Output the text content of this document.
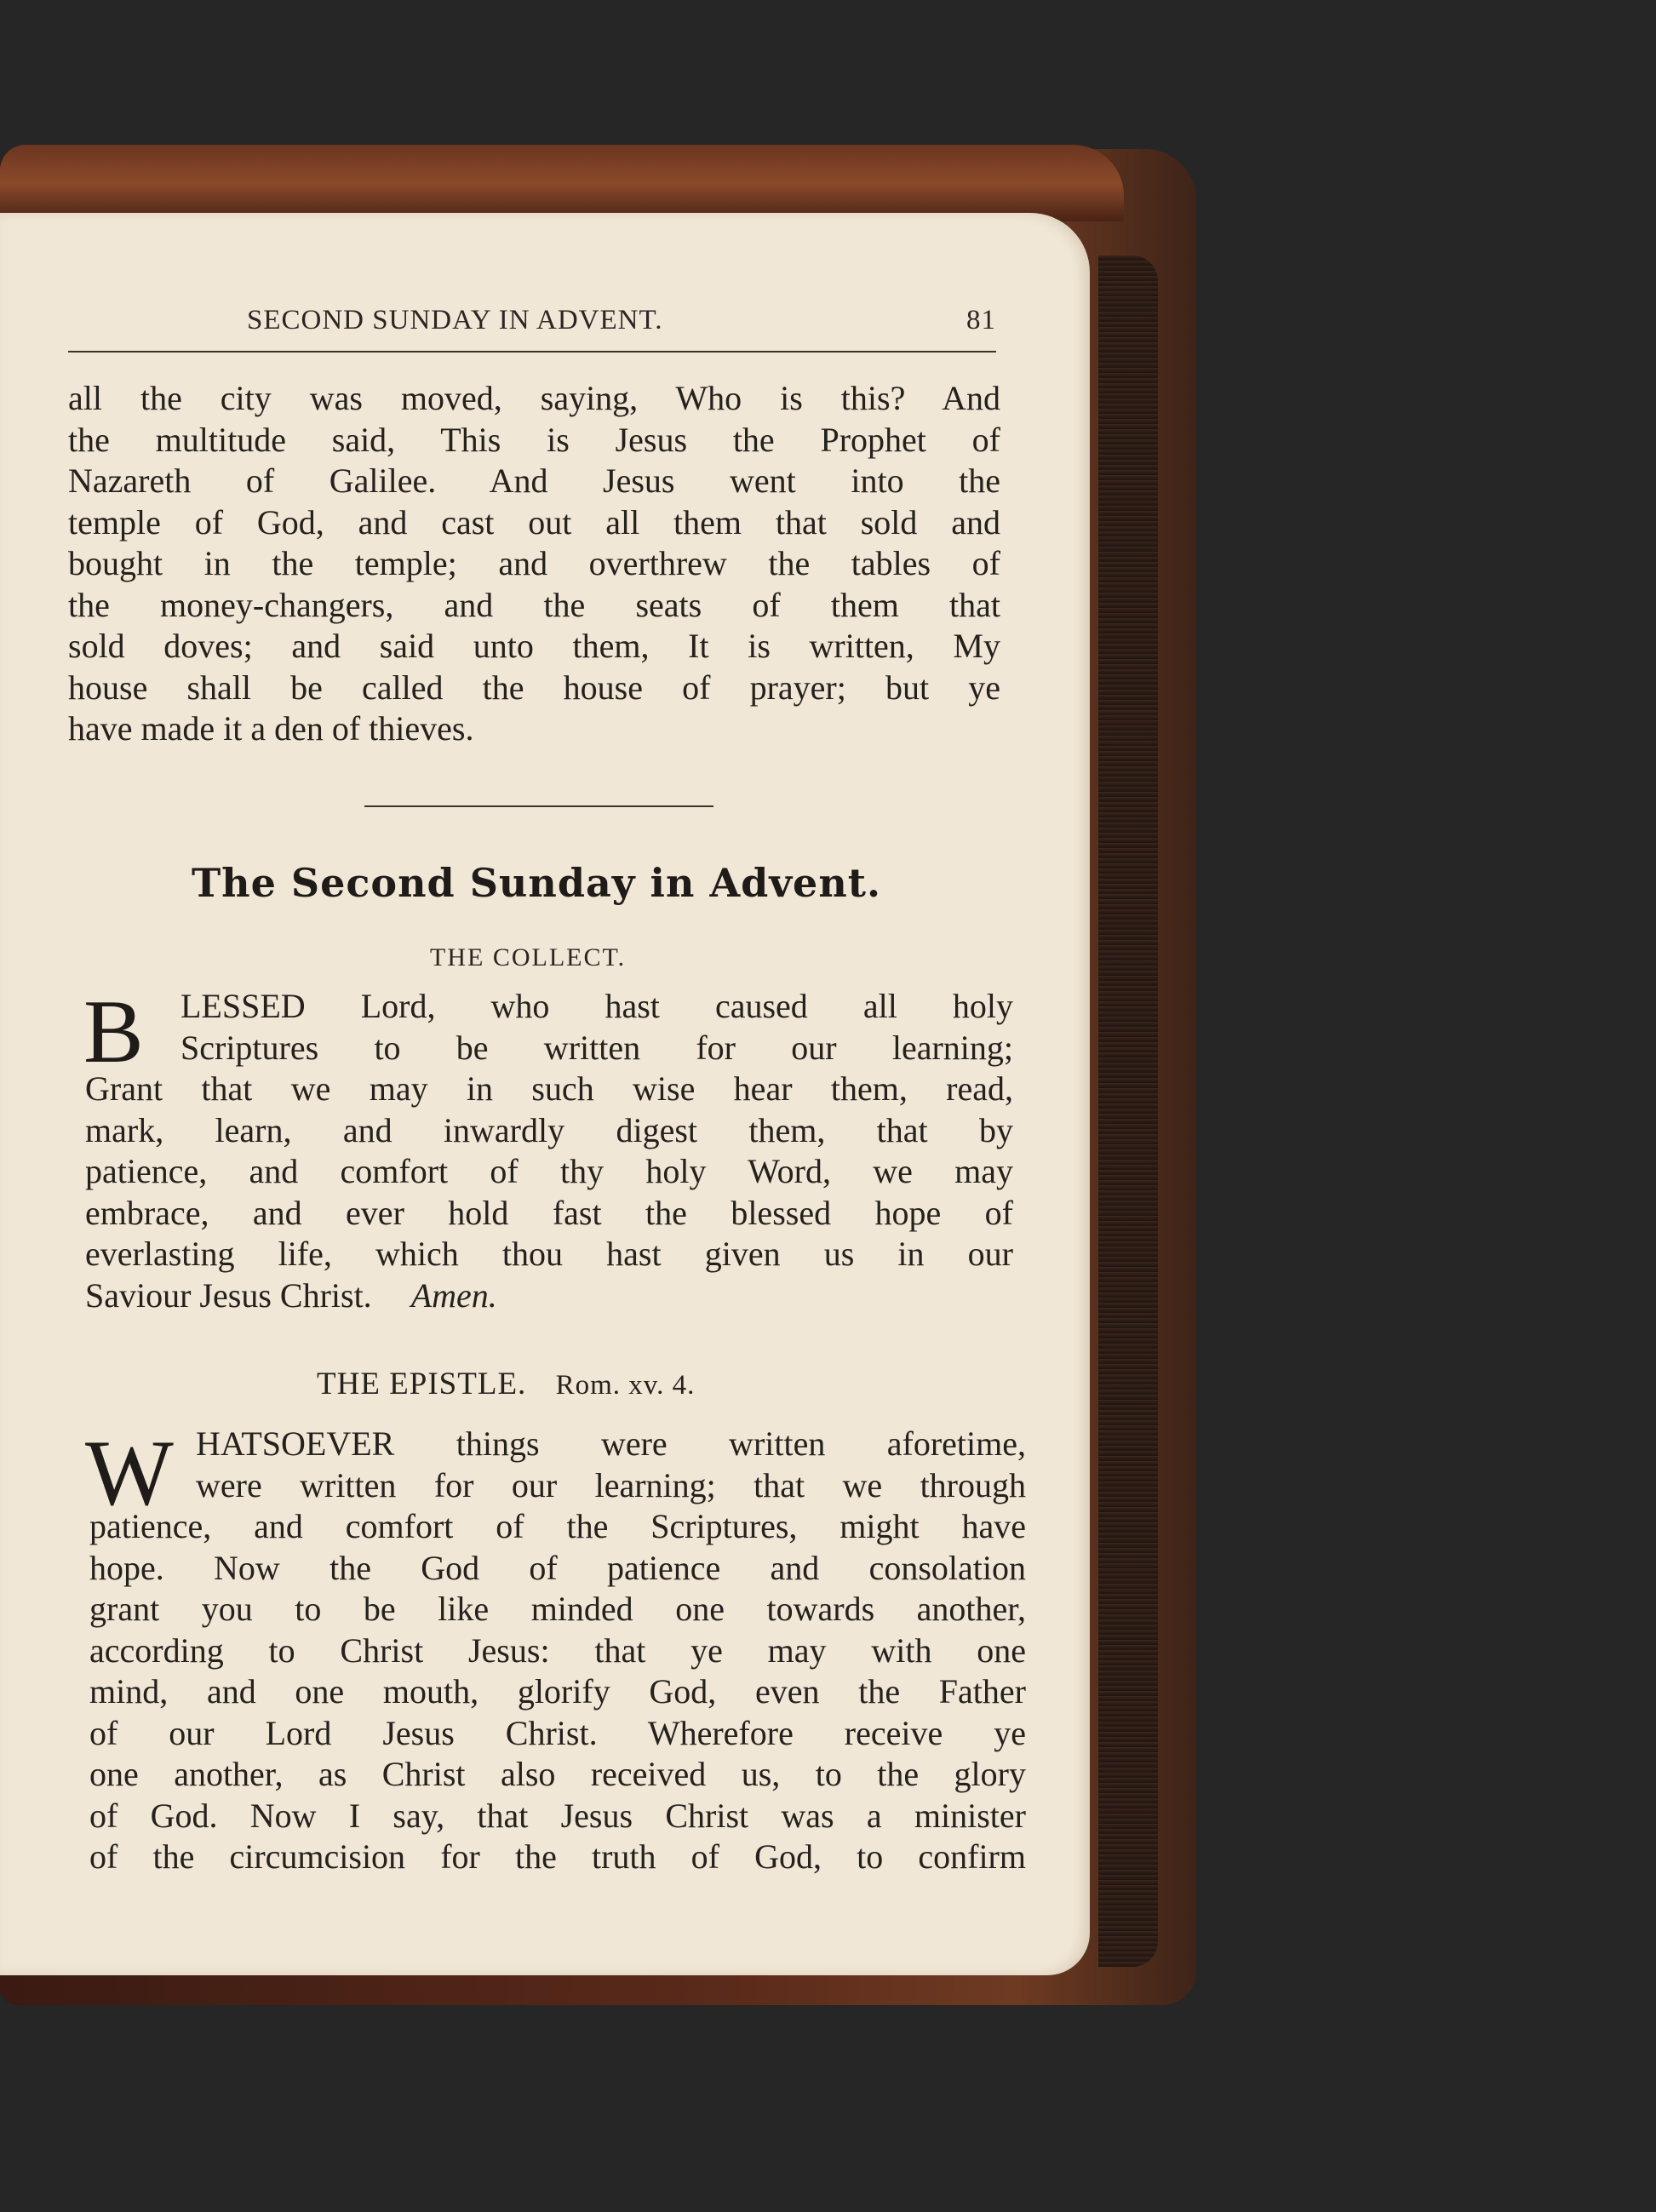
SECOND SUNDAY IN ADVENT.	81
all the city was moved, saying, Who is this? And
the multitude said, This is Jesus the Prophet of
Nazareth of Galilee. And Jesus went into the
temple of God, and cast out all them that sold and
bought in the temple; and overthrew the tables of
the money-changers, and the seats of them that
sold doves; and said unto them, It is written, My
house shall be called the house of prayer; but ye
have made it a den of thieves.
The Second Sunday in Advent.
THE COLLECT.
B	LESSED Lord, who hast caused all holy
Scriptures to be written for our learning;
Grant that we may in such wise hear them, read,
mark, learn, and inwardly digest them, that by
patience, and comfort of thy holy Word, we may
embrace, and ever hold fast the blessed hope of
everlasting life, which thou hast given us in our
Saviour Jesus Christ. Amen.
THE EPISTLE. Rom. xv. 4.
W HATSOEVER things were written aforetime,
were written for our learning; that we through
patience, and comfort of the Scriptures, might have
hope. Now the God of patience and consolation
grant you to be like minded one towards another,
according to Christ Jesus: that ye may with one
mind, and one mouth, glorify God, even the Father
of our Lord Jesus Christ. Wherefore receive ye
one another, as Christ also received us, to the glory
of God. Now I say, that Jesus Christ was a minister
of the circumcision for the truth of God, to confirm
